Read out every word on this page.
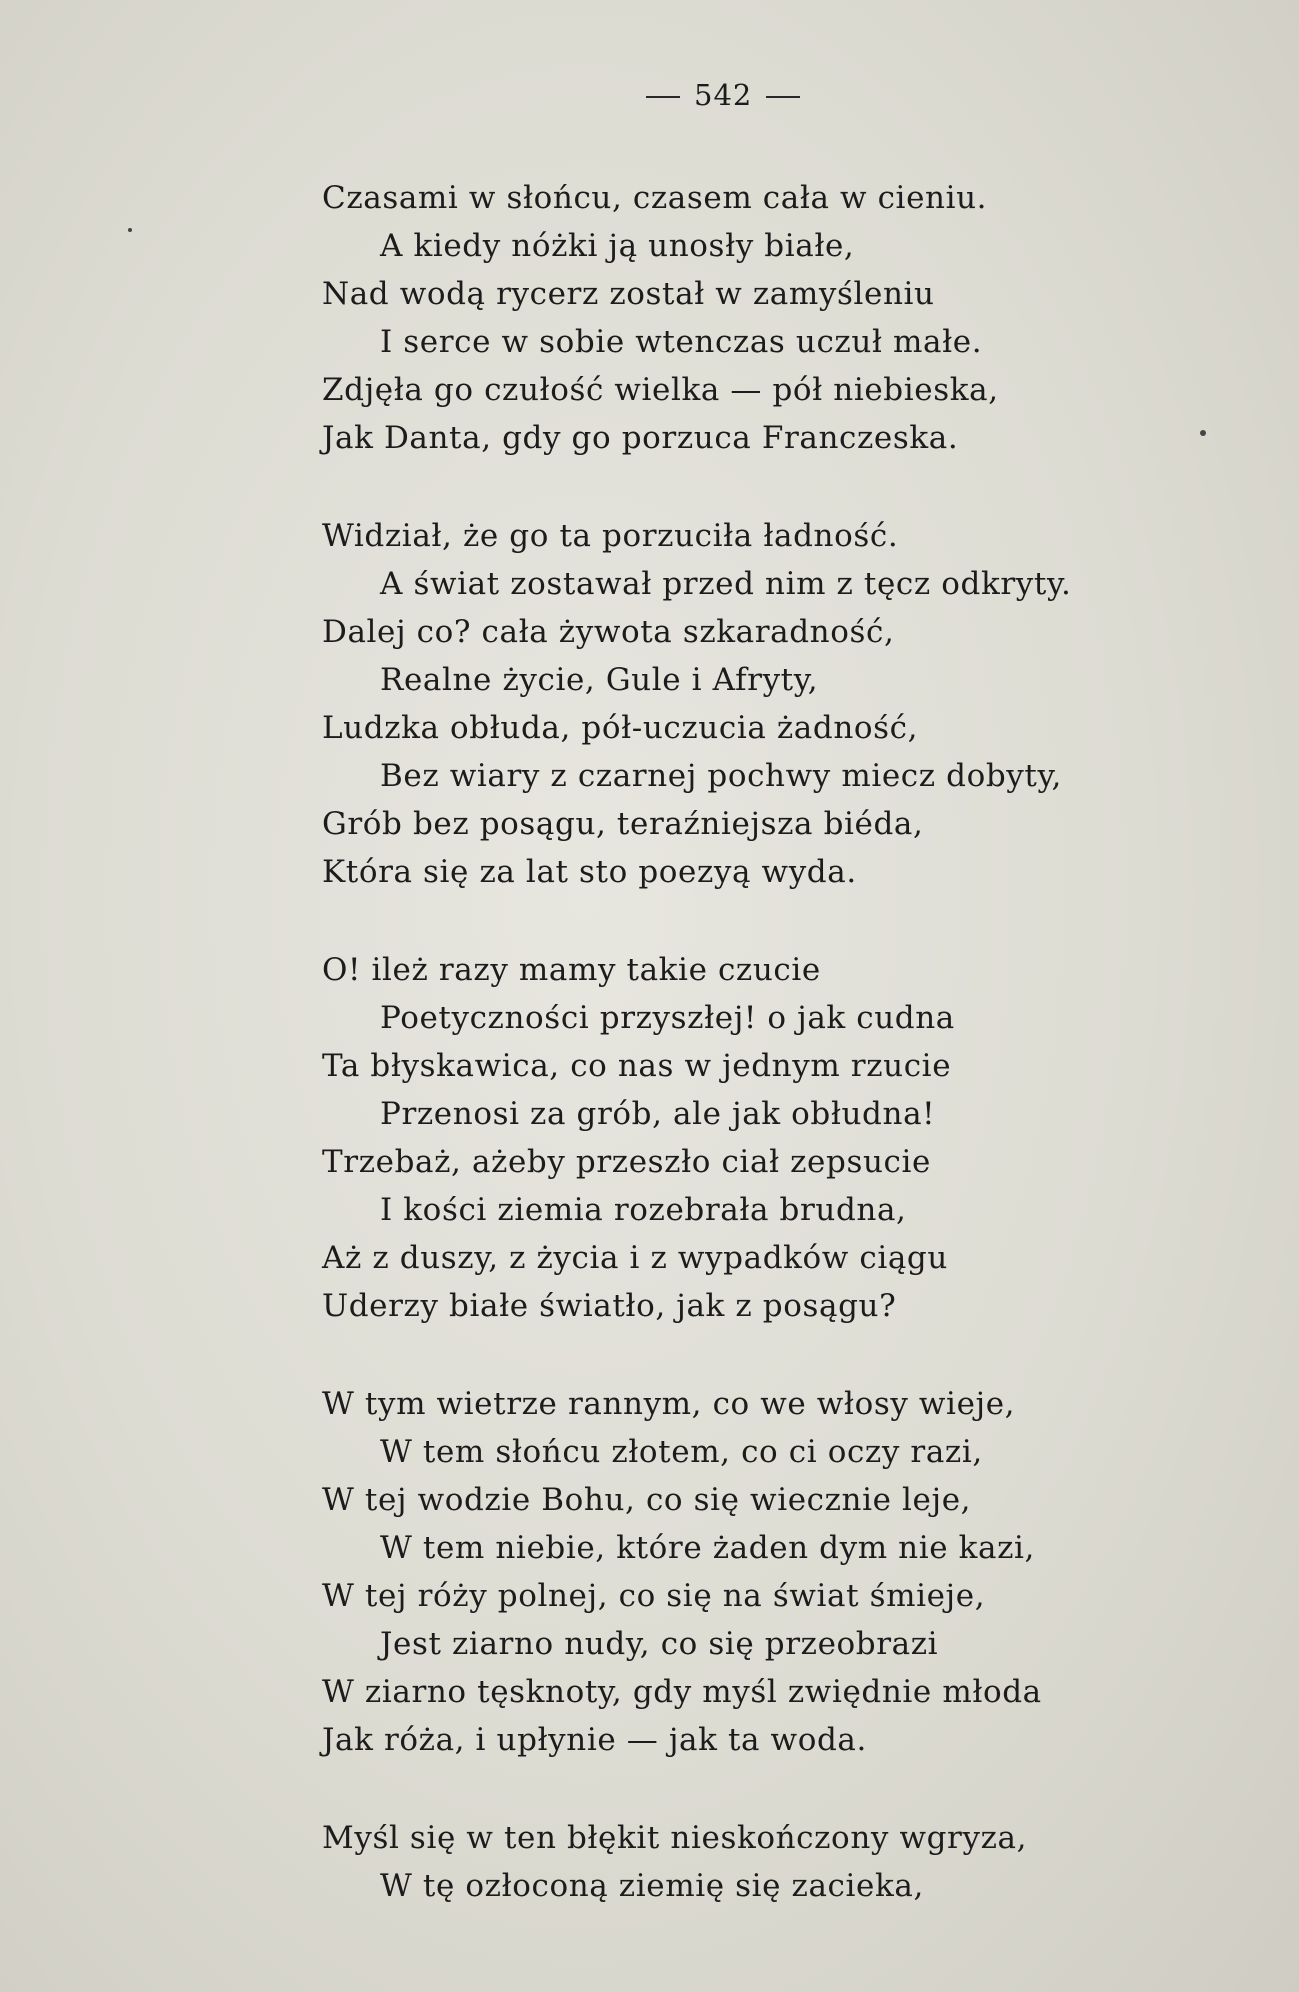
542
Czasami w słońcu, czasem cała w cieniu.
A kiedy nóżki ją unosły białe,
Nad wodą rycerz został w zamyśleniu
I serce w sobie wtenczas uczuł małe.
Zdjęła go czułość wielka — pół niebieska,
Jak Danta, gdy go porzuca Franczeska.
Widział, że go ta porzuciła ładność.
A świat zostawał przed nim z tęcz odkryty.
Dalej co? cała żywota szkaradność,
Realne życie, Gule i Afryty,
Ludzka obłuda, pół-uczucia żadność,
Bez wiary z czarnej pochwy miecz dobyty,
Grób bez posągu, teraźniejsza biéda,
Która się za lat sto poezyą wyda.
O! ileż razy mamy takie czucie
Poetyczności przyszłej! o jak cudna
Ta błyskawica, co nas w jednym rzucie
Przenosi za grób, ale jak obłudna!
Trzebaż, ażeby przeszło ciał zepsucie
I kości ziemia rozebrała brudna,
Aż z duszy, z życia i z wypadków ciągu
Uderzy białe światło, jak z posągu?
W tym wietrze rannym, co we włosy wieje,
W tem słońcu złotem, co ci oczy razi,
W tej wodzie Bohu, co się wiecznie leje,
W tem niebie, które żaden dym nie kazi,
W tej róży polnej, co się na świat śmieje,
Jest ziarno nudy, co się przeobrazi
W ziarno tęsknoty, gdy myśl zwiędnie młoda
Jak róża, i upłynie — jak ta woda.
Myśl się w ten błękit nieskończony wgryza,
W tę ozłoconą ziemię się zacieka,
